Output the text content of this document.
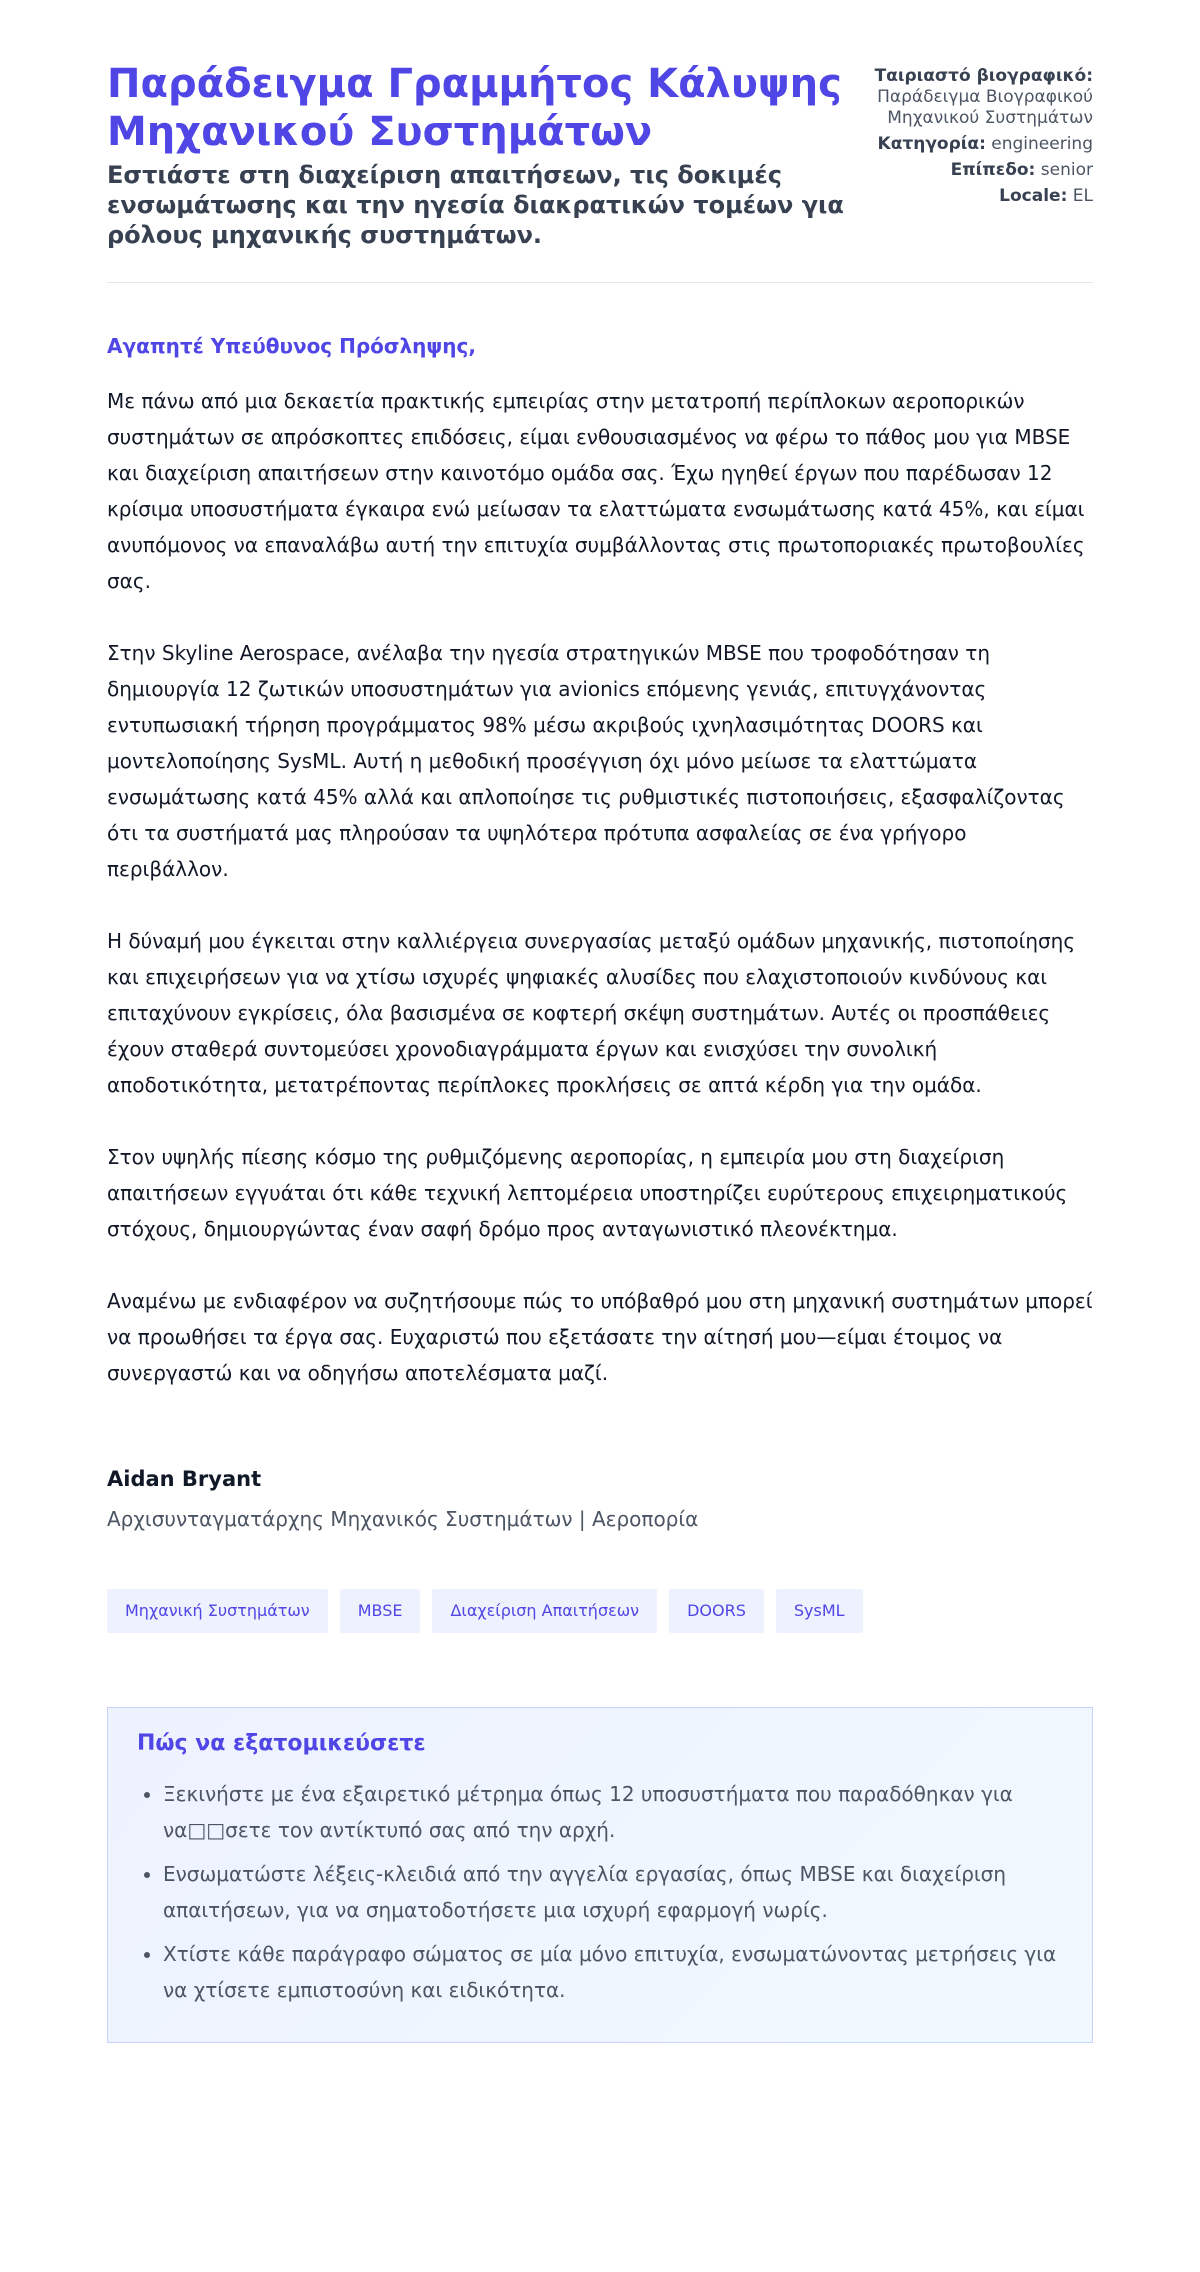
Παράδειγμα Γραμμήτος Κάλυψης Μηχανικού Συστημάτων

Εστιάστε στη διαχείριση απαιτήσεων, τις δοκιμές ενσωμάτωσης και την ηγεσία διακρατικών τομέων για ρόλους μηχανικής συστημάτων.

Ταιριαστό βιογραφικό:
Παράδειγμα Βιογραφικού
Μηχανικού Συστημάτων
Κατηγορία: engineering
Επίπεδο: senior
Locale: EL

Αγαπητέ Υπεύθυνος Πρόσληψης,

Με πάνω από μια δεκαετία πρακτικής εμπειρίας στην μετατροπή περίπλοκων αεροπορικών συστημάτων σε απρόσκοπτες επιδόσεις, είμαι ενθουσιασμένος να φέρω το πάθος μου για MBSE και διαχείριση απαιτήσεων στην καινοτόμο ομάδα σας. Έχω ηγηθεί έργων που παρέδωσαν 12 κρίσιμα υποσυστήματα έγκαιρα ενώ μείωσαν τα ελαττώματα ενσωμάτωσης κατά 45%, και είμαι ανυπόμονος να επαναλάβω αυτή την επιτυχία συμβάλλοντας στις πρωτοποριακές πρωτοβουλίες σας.

Στην Skyline Aerospace, ανέλαβα την ηγεσία στρατηγικών MBSE που τροφοδότησαν τη δημιουργία 12 ζωτικών υποσυστημάτων για avionics επόμενης γενιάς, επιτυγχάνοντας εντυπωσιακή τήρηση προγράμματος 98% μέσω ακριβούς ιχνηλασιμότητας DOORS και μοντελοποίησης SysML. Αυτή η μεθοδική προσέγγιση όχι μόνο μείωσε τα ελαττώματα ενσωμάτωσης κατά 45% αλλά και απλοποίησε τις ρυθμιστικές πιστοποιήσεις, εξασφαλίζοντας ότι τα συστήματά μας πληρούσαν τα υψηλότερα πρότυπα ασφαλείας σε ένα γρήγορο περιβάλλον.

Η δύναμή μου έγκειται στην καλλιέργεια συνεργασίας μεταξύ ομάδων μηχανικής, πιστοποίησης και επιχειρήσεων για να χτίσω ισχυρές ψηφιακές αλυσίδες που ελαχιστοποιούν κινδύνους και επιταχύνουν εγκρίσεις, όλα βασισμένα σε κοφτερή σκέψη συστημάτων. Αυτές οι προσπάθειες έχουν σταθερά συντομεύσει χρονοδιαγράμματα έργων και ενισχύσει την συνολική αποδοτικότητα, μετατρέποντας περίπλοκες προκλήσεις σε απτά κέρδη για την ομάδα.

Στον υψηλής πίεσης κόσμο της ρυθμιζόμενης αεροπορίας, η εμπειρία μου στη διαχείριση απαιτήσεων εγγυάται ότι κάθε τεχνική λεπτομέρεια υποστηρίζει ευρύτερους επιχειρηματικούς στόχους, δημιουργώντας έναν σαφή δρόμο προς ανταγωνιστικό πλεονέκτημα.

Αναμένω με ενδιαφέρον να συζητήσουμε πώς το υπόβαθρό μου στη μηχανική συστημάτων μπορεί να προωθήσει τα έργα σας. Ευχαριστώ που εξετάσατε την αίτησή μου—είμαι έτοιμος να συνεργαστώ και να οδηγήσω αποτελέσματα μαζί.

Aidan Bryant

Αρχισυνταγματάρχης Μηχανικός Συστημάτων | Αεροπορία

Μηχανική Συστημάτων	MBSE	Διαχείριση Απαιτήσεων	DOORS	SysML
Πώς να εξατομικεύσετε
• Ξεκινήστε με ένα εξαιρετικό μέτρημα όπως 12 υποσυστήματα που παραδόθηκαν για να□□σετε τον αντίκτυπό σας από την αρχή.
• Ενσωματώστε λέξεις-κλειδιά από την αγγελία εργασίας, όπως MBSE και διαχείριση απαιτήσεων, για να σηματοδοτήσετε μια ισχυρή εφαρμογή νωρίς.
• Χτίστε κάθε παράγραφο σώματος σε μία μόνο επιτυχία, ενσωματώνοντας μετρήσεις για να χτίσετε εμπιστοσύνη και ειδικότητα.
